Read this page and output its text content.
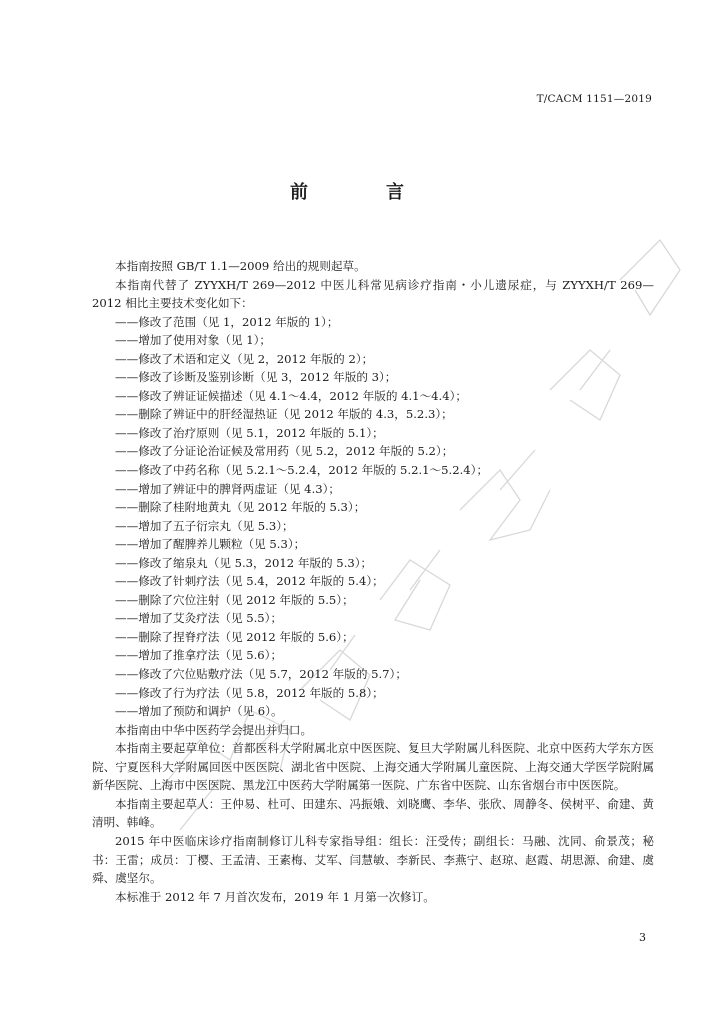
T/CACM 1151—2019
前　言

本指南按照 GB/T 1.1—2009 给出的规则起草。

本指南代替了 ZYYXH/T 269—2012 中医儿科常见病诊疗指南・小儿遗尿症，与 ZYYXH/T 269—2012 相比主要技术变化如下：

——修改了范围（见 1，2012 年版的 1）；

——增加了使用对象（见 1）；

——修改了术语和定义（见 2，2012 年版的 2）；

——修改了诊断及鉴别诊断（见 3，2012 年版的 3）；

——修改了辨证证候描述（见 4.1～4.4，2012 年版的 4.1～4.4）；

——删除了辨证中的肝经湿热证（见 2012 年版的 4.3，5.2.3）；

——修改了治疗原则（见 5.1，2012 年版的 5.1）；

——修改了分证论治证候及常用药（见 5.2，2012 年版的 5.2）；

——修改了中药名称（见 5.2.1～5.2.4，2012 年版的 5.2.1～5.2.4）；

——增加了辨证中的脾肾两虚证（见 4.3）；

——删除了桂附地黄丸（见 2012 年版的 5.3）；

——增加了五子衍宗丸（见 5.3）；

——增加了醒脾养儿颗粒（见 5.3）；

——修改了缩泉丸（见 5.3，2012 年版的 5.3）；

——修改了针刺疗法（见 5.4，2012 年版的 5.4）；

——删除了穴位注射（见 2012 年版的 5.5）；

——增加了艾灸疗法（见 5.5）；

——删除了捏脊疗法（见 2012 年版的 5.6）；

——增加了推拿疗法（见 5.6）；

——修改了穴位贴敷疗法（见 5.7，2012 年版的 5.7）；

——修改了行为疗法（见 5.8，2012 年版的 5.8）；

——增加了预防和调护（见 6）。

本指南由中华中医药学会提出并归口。

本指南主要起草单位：首都医科大学附属北京中医医院、复旦大学附属儿科医院、北京中医药大学东方医院、宁夏医科大学附属回医中医医院、湖北省中医院、上海交通大学附属儿童医院、上海交通大学医学院附属新华医院、上海市中医医院、黑龙江中医药大学附属第一医院、广东省中医院、山东省烟台市中医医院。

本指南主要起草人：王仲易、杜可、田建东、冯振娥、刘晓鹰、李华、张欣、周静冬、侯树平、俞建、黄清明、韩峰。

2015 年中医临床诊疗指南制修订儿科专家指导组：组长：汪受传；副组长：马融、沈同、俞景茂；秘书：王雷；成员：丁樱、王孟清、王素梅、艾军、闫慧敏、李新民、李燕宁、赵琼、赵霞、胡思源、俞建、虞舜、虞坚尔。

本标准于 2012 年 7 月首次发布，2019 年 1 月第一次修订。

3
